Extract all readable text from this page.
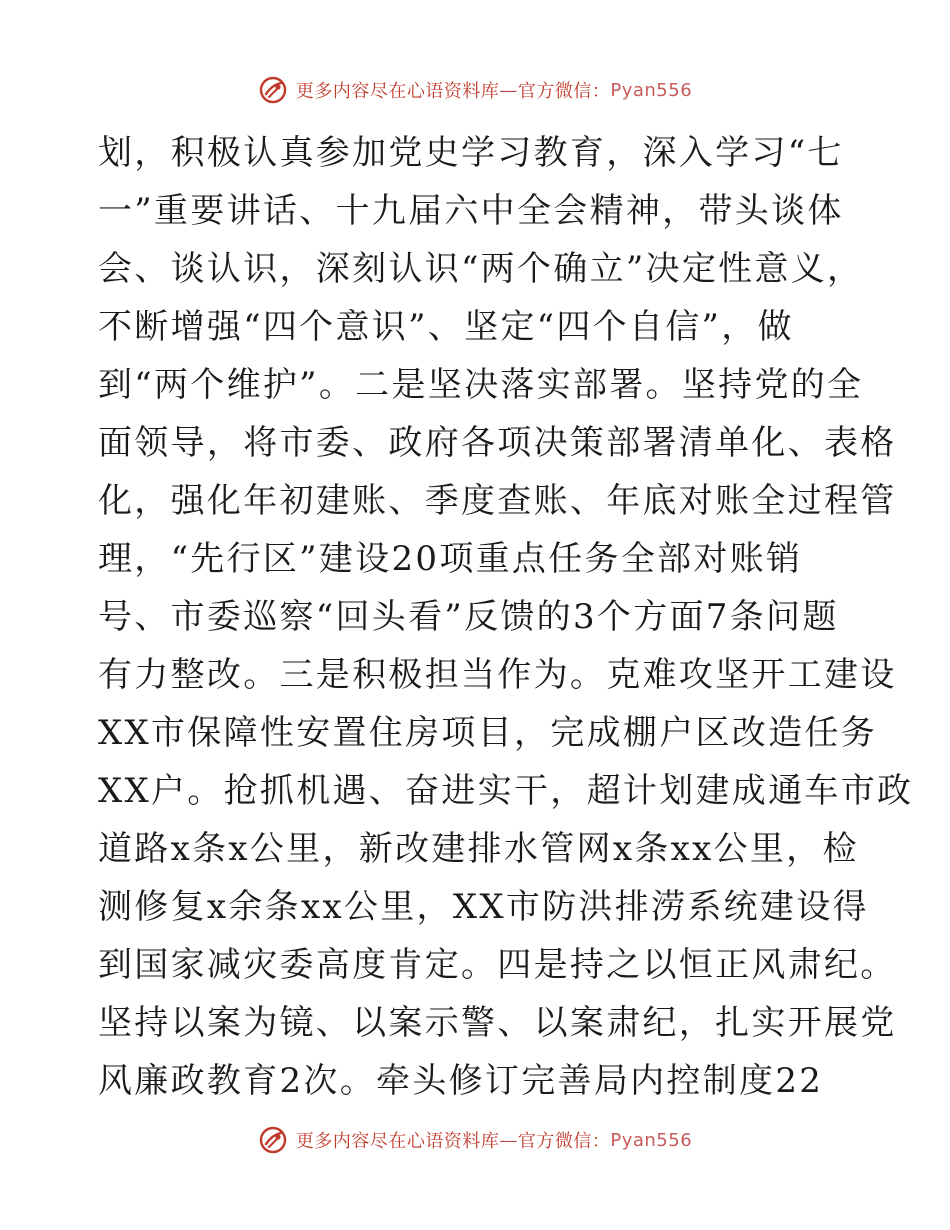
更多内容尽在心语资料库 — 官方微信： Pyan556
划，积极认真参加党史学习教育，深入学习“七
一”重要讲话、十九届六中全会精神，带头谈体
会、谈认识，深刻认识“两个确立”决定性意义，
不断增强“四个意识”、坚定“四个自信”，做
到“两个维护”。二是坚决落实部署。坚持党的全
面领导，将市委、政府各项决策部署清单化、表格
化，强化年初建账、季度查账、年底对账全过程管
理，“先行区”建设20项重点任务全部对账销
号、市委巡察“回头看”反馈的3个方面7条问题
有力整改。三是积极担当作为。克难攻坚开工建设
XX市保障性安置住房项目，完成棚户区改造任务
XX户。抢抓机遇、奋进实干，超计划建成通车市政
道路x条x公里，新改建排水管网x条xx公里，检
测修复x余条xx公里，XX市防洪排涝系统建设得
到国家减灾委高度肯定。四是持之以恒正风肃纪。
坚持以案为镜、以案示警、以案肃纪，扎实开展党
风廉政教育2次。牵头修订完善局内控制度22
更多内容尽在心语资料库 — 官方微信： Pyan556
